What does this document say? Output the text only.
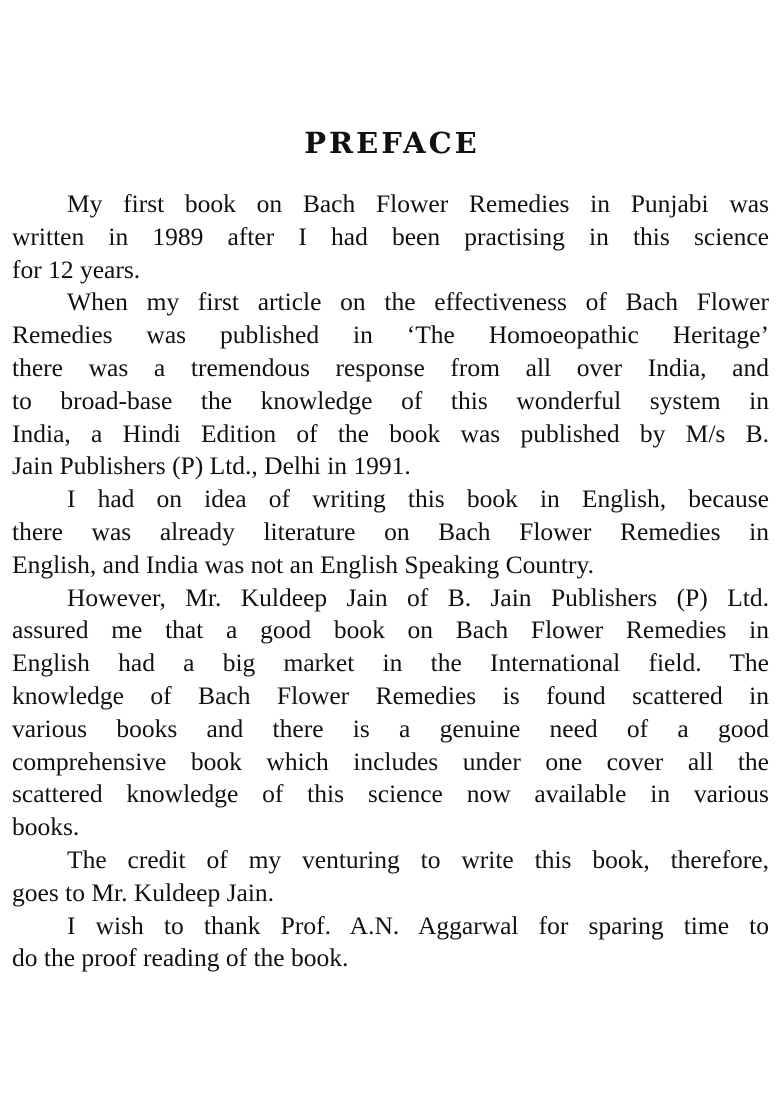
PREFACE
My first book on Bach Flower Remedies in Punjabi was
written in 1989 after I had been practising in this science
for 12 years.
When my first article on the effectiveness of Bach Flower
Remedies was published in ‘The Homoeopathic Heritage’
there was a tremendous response from all over India, and
to broad-base the knowledge of this wonderful system in
India, a Hindi Edition of the book was published by M/s B.
Jain Publishers (P) Ltd., Delhi in 1991.
I had on idea of writing this book in English, because
there was already literature on Bach Flower Remedies in
English, and India was not an English Speaking Country.
However, Mr. Kuldeep Jain of B. Jain Publishers (P) Ltd.
assured me that a good book on Bach Flower Remedies in
English had a big market in the International field. The
knowledge of Bach Flower Remedies is found scattered in
various books and there is a genuine need of a good
comprehensive book which includes under one cover all the
scattered knowledge of this science now available in various
books.
The credit of my venturing to write this book, therefore,
goes to Mr. Kuldeep Jain.
I wish to thank Prof. A.N. Aggarwal for sparing time to
do the proof reading of the book.
